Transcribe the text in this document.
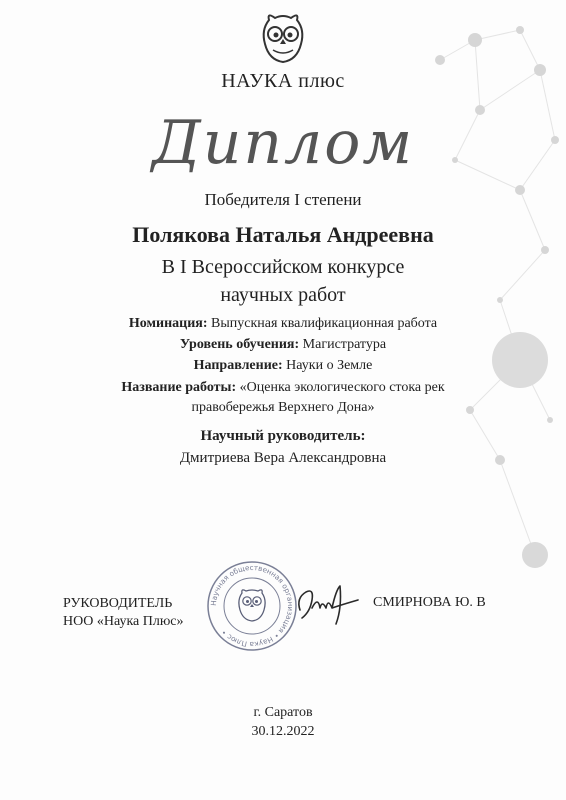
НАУКА плюс
Диплом
Победителя I степени
Полякова Наталья Андреевна
В I Всероссийском конкурсе
научных работ
Номинация: Выпускная квалификационная работа
Уровень обучения: Магистратура
Направление: Науки о Земле
Название работы: «Оценка экологического стока рек
правобережья Верхнего Дона»
Научный руководитель:
Дмитриева Вера Александровна
РУКОВОДИТЕЛЬ
НОО «Наука Плюс»
Научная общественная организация • Наука Плюс •
СМИРНОВА Ю. В
г. Саратов
30.12.2022
